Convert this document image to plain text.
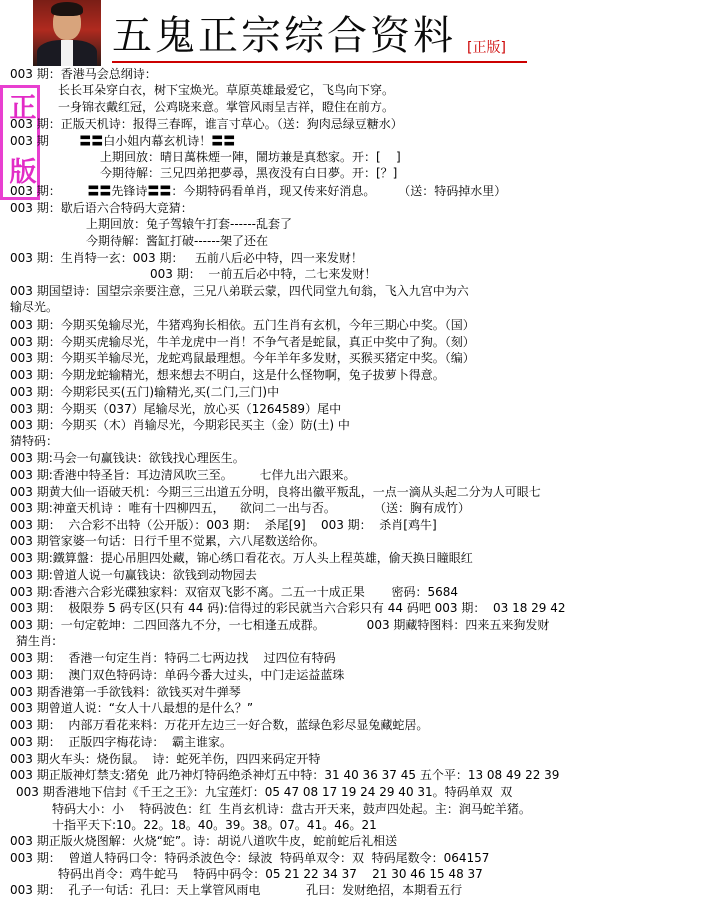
五鬼正宗综合资料 [正版]
正
版
003 期：香港马会总纲诗：
长长耳朵穿白衣，树下宝焕光。草原英雄最爱它，飞鸟向下穿。
一身锦衣戴红冠，公鸡晓来意。掌管风雨呈吉祥，瞪住在前方。
003 期：正版天机诗：报得三春晖，谁言寸草心。（送：狗肉忌绿豆糖水）
003 期        〓〓白小姐内幕玄机诗！〓〓
上期回放：晴日萬株煙一陣，鬧坊兼是真愁家。开：[    ]
今期待解：三兄四弟把夢尋，黑夜没有白日夢。开：[？]
003 期：       〓〓先锋诗〓〓：今期特码看单肖，现又传来好消息。      （送：特码掉水里）
003 期：歇后语六合特码大竞猜：
上期回放：兔子驾辕午打套------乱套了
今期待解：酱缸打破------架了还在
003 期：生肖特一玄：003 期：   五前八后必中特，四一来发财！
003 期：  一前五后必中特，二七来发财！
003 期国望诗：国望宗亲要注意，三兄八弟联云蒙，四代同堂九旬翁，飞入九宫中为六
输尽光。
003 期：今期买兔输尽光，牛猪鸡狗长相依。五门生肖有玄机，今年三期心中奖。（国）
003 期：今期买虎输尽光，牛羊龙虎中一肖！不争气者是蛇鼠，真正中奖中了狗。（刻）
003 期：今期买羊输尽光，龙蛇鸡鼠最理想。今年羊年多发财，买猴买猪定中奖。（编）
003 期：今期龙蛇输精光，想来想去不明白，这是什么怪物啊，兔子拔萝卜得意。
003 期：今期彩民买(五门)输精光,买(二门,三门)中
003 期：今期买（037）尾输尽光，放心买（1264589）尾中
003 期：今期买（木）肖输尽光，今期彩民买主（金）防(土) 中
猜特码：
003 期:马会一句赢钱诀：欲钱找心理医生。
003 期:香港中特圣旨：耳边清风吹三至。       七伴九出六跟来。
003 期黄大仙一语破天机：今期三三出道五分明，良将出徽平叛乱，一点一滴从头起二分为人可眼七
003 期:神童天机诗 ：唯有十四柳四五，    欲问二一出与否。          （送：胸有成竹）
003 期：  六合彩不出特（公开版）：003 期：  杀尾[9]    003 期：  杀肖[鸡牛]
003 期管家婆一句话：日行千里不觉累，六八尾数送给你。
003 期:鐵算盤：提心吊胆四处藏，锦心绣口看花衣。万人头上程英雄，偷天换日瞳眼红
003 期:曾道人说一句赢钱诀：欲钱到动物园去
003 期:香港六合彩光碟独家料：双宿双飞影不离。二五一十成正果       密码：5684
003 期：  极限券 5 码专区(只有 44 码):信得过的彩民就当六合彩只有 44 码吧 003 期：  03 18 29 42
003 期：一句定乾坤：二四回落九不分，一七相逢五成群。           003 期藏特图料：四来五来狗发财
猜生肖:
003 期：  香港一句定生肖：特码二七两边找    过四位有特码
003 期：  澳门双色特码诗：单码今番大过头，中门走运益蓝珠
003 期香港第一手欲钱料：欲钱买对牛弹琴
003 期曾道人说：“女人十八最想的是什么？”
003 期：  内部万看花来料：万花开左边三一好合数，蓝绿色彩尽显兔藏蛇居。
003 期：  正版四字梅花诗：  霸主谁家。
003 期火车头：烧伤鼠。  诗：蛇死羊伤，四四来码定开特
003 期正版神灯禁支:猪免  此乃神灯特码绝杀神灯五中特：31 40 36 37 45 五个平：13 08 49 22 39
003 期香港地下信封《千王之王》：九宝莲灯：05 47 08 17 19 24 29 40 31。特码单双  双
特码大小：小    特码波色：红  生肖玄机诗：盘古开天来，鼓声四处起。主：润马蛇羊猪。
十指平天下:10。22。18。40。39。38。07。41。46。21
003 期正版火烧图解：火烧“蛇”。诗：胡说八道吹牛皮，蛇前蛇后礼相送
003 期：  曾道人特码口令：特码杀波色令：绿波  特码单双令：双  特码尾数令：064157
特码出肖令：鸡牛蛇马    特码中码令：05 21 22 34 37    21 30 46 15 48 37
003 期：  孔子一句话：孔曰：天上掌管风雨电            孔曰：发财绝招，本期看五行
